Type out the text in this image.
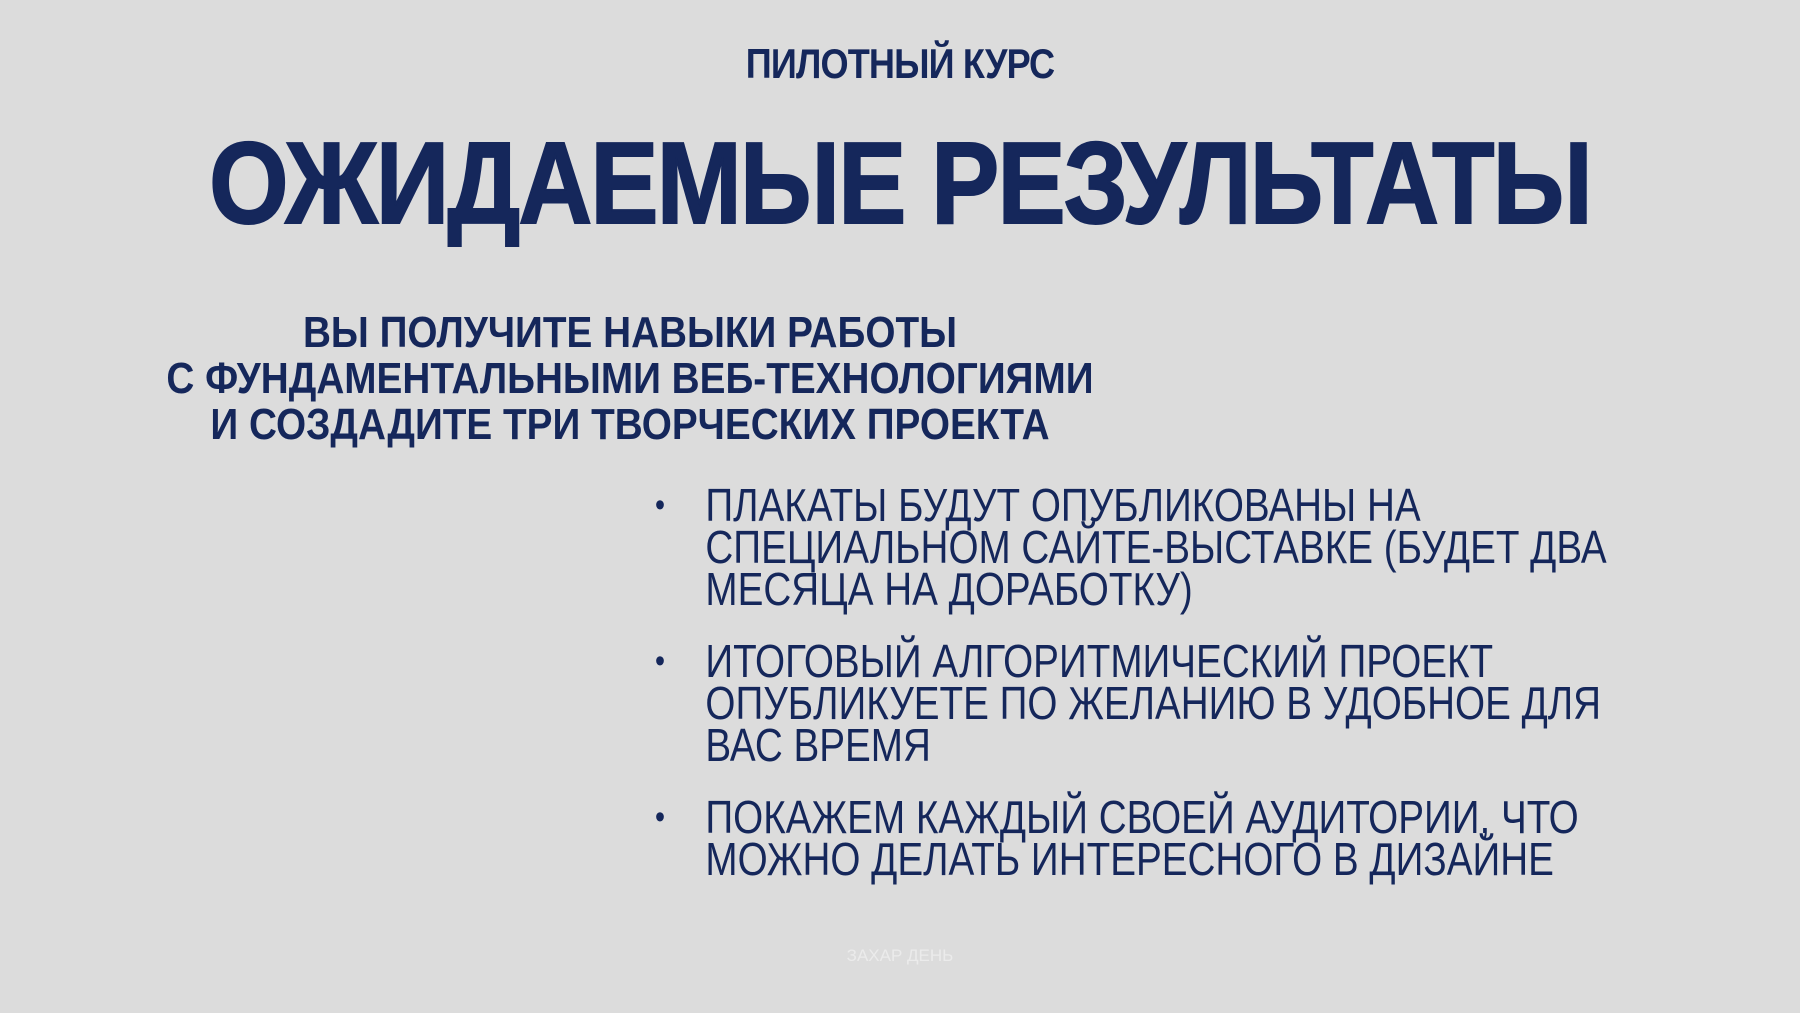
ПИЛОТНЫЙ КУРС
ОЖИДАЕМЫЕ РЕЗУЛЬТАТЫ
ВЫ ПОЛУЧИТЕ НАВЫКИ РАБОТЫ
С ФУНДАМЕНТАЛЬНЫМИ ВЕБ-ТЕХНОЛОГИЯМИ
И СОЗДАДИТЕ ТРИ ТВОРЧЕСКИХ ПРОЕКТА
• ПЛАКАТЫ БУДУТ ОПУБЛИКОВАНЫ НА
СПЕЦИАЛЬНОМ САЙТЕ-ВЫСТАВКЕ (БУДЕТ ДВА
МЕСЯЦА НА ДОРАБОТКУ)
• ИТОГОВЫЙ АЛГОРИТМИЧЕСКИЙ ПРОЕКТ
ОПУБЛИКУЕТЕ ПО ЖЕЛАНИЮ В УДОБНОЕ ДЛЯ
ВАС ВРЕМЯ
• ПОКАЖЕМ КАЖДЫЙ СВОЕЙ АУДИТОРИИ, ЧТО
МОЖНО ДЕЛАТЬ ИНТЕРЕСНОГО В ДИЗАЙНЕ
ЗАХАР ДЕНЬ
